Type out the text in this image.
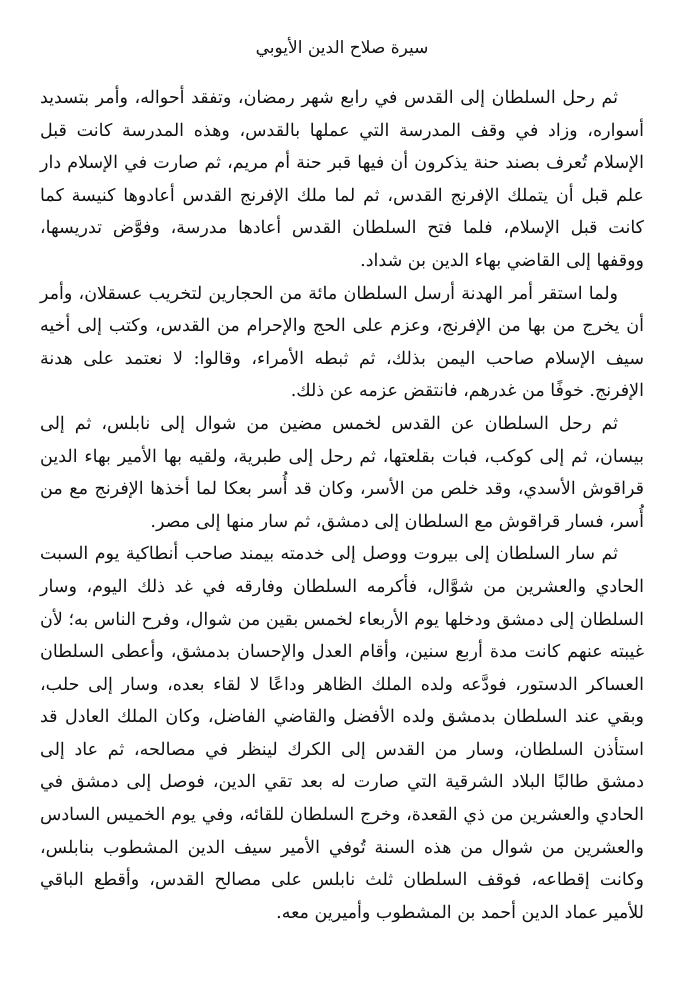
سيرة صلاح الدين الأيوبي

ثم رحل السلطان إلى القدس في رابع شهر رمضان، وتفقد أحواله، وأمر بتسديد أسواره، وزاد في وقف المدرسة التي عملها بالقدس، وهذه المدرسة كانت قبل الإسلام تُعرف بصند حنة يذكرون أن فيها قبر حنة أم مريم، ثم صارت في الإسلام دار علم قبل أن يتملك الإفرنج القدس، ثم لما ملك الإفرنج القدس أعادوها كنيسة كما كانت قبل الإسلام، فلما فتح السلطان القدس أعادها مدرسة، وفوَّض تدريسها، ووقفها إلى القاضي بهاء الدين بن شداد.

ولما استقر أمر الهدنة أرسل السلطان مائة من الحجارين لتخريب عسقلان، وأمر أن يخرج من بها من الإفرنج، وعزم على الحج والإحرام من القدس، وكتب إلى أخيه سيف الإسلام صاحب اليمن بذلك، ثم ثبطه الأمراء، وقالوا: لا نعتمد على هدنة الإفرنج. خوفًا من غدرهم، فانتقض عزمه عن ذلك.

ثم رحل السلطان عن القدس لخمس مضين من شوال إلى نابلس، ثم إلى بيسان، ثم إلى كوكب، فبات بقلعتها، ثم رحل إلى طبرية، ولقيه بها الأمير بهاء الدين قراقوش الأسدي، وقد خلص من الأسر، وكان قد أُسر بعكا لما أخذها الإفرنج مع من أُسر، فسار قراقوش مع السلطان إلى دمشق، ثم سار منها إلى مصر.

ثم سار السلطان إلى بيروت ووصل إلى خدمته بيمند صاحب أنطاكية يوم السبت الحادي والعشرين من شوَّال، فأكرمه السلطان وفارقه في غد ذلك اليوم، وسار السلطان إلى دمشق ودخلها يوم الأربعاء لخمس بقين من شوال، وفرح الناس به؛ لأن غيبته عنهم كانت مدة أربع سنين، وأقام العدل والإحسان بدمشق، وأعطى السلطان العساكر الدستور، فودَّعه ولده الملك الظاهر وداعًا لا لقاء بعده، وسار إلى حلب، وبقي عند السلطان بدمشق ولده الأفضل والقاضي الفاضل، وكان الملك العادل قد استأذن السلطان، وسار من القدس إلى الكرك لينظر في مصالحه، ثم عاد إلى دمشق طالبًا البلاد الشرقية التي صارت له بعد تقي الدين، فوصل إلى دمشق في الحادي والعشرين من ذي القعدة، وخرج السلطان للقائه، وفي يوم الخميس السادس والعشرين من شوال من هذه السنة تُوفي الأمير سيف الدين المشطوب بنابلس، وكانت إقطاعه، فوقف السلطان ثلث نابلس على مصالح القدس، وأقطع الباقي للأمير عماد الدين أحمد بن المشطوب وأميرين معه.
